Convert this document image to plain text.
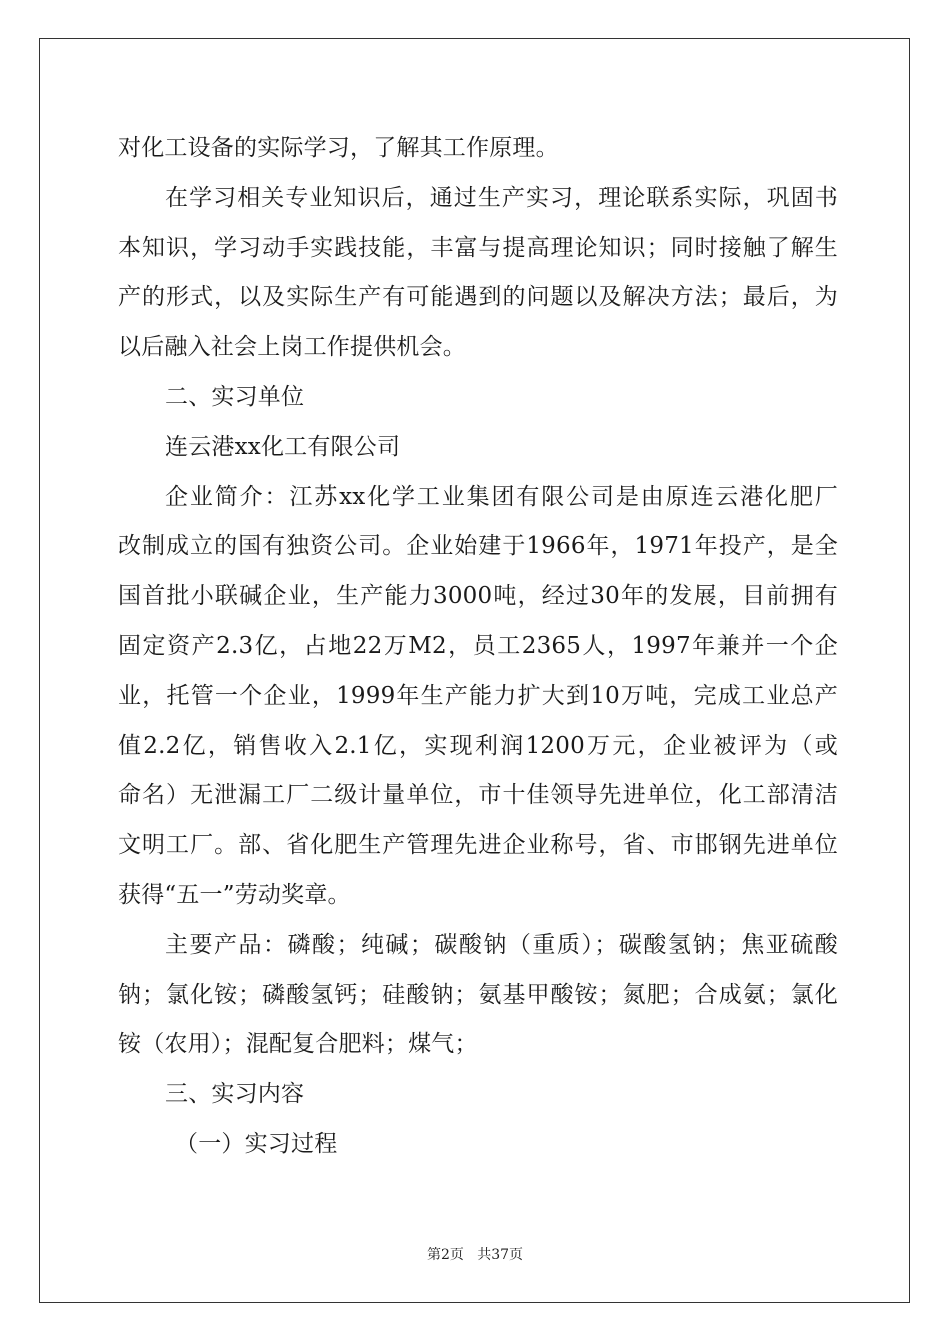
对化工设备的实际学习，了解其工作原理。
在学习相关专业知识后，通过生产实习，理论联系实际，巩固书
本知识，学习动手实践技能，丰富与提高理论知识；同时接触了解生
产的形式，以及实际生产有可能遇到的问题以及解决方法；最后，为
以后融入社会上岗工作提供机会。
二、实习单位
连云港xx化工有限公司
企业简介：江苏xx化学工业集团有限公司是由原连云港化肥厂
改制成立的国有独资公司。企业始建于1966年，1971年投产，是全
国首批小联碱企业，生产能力3000吨，经过30年的发展，目前拥有
固定资产2.3亿，占地22万M2，员工2365人，1997年兼并一个企
业，托管一个企业，1999年生产能力扩大到10万吨，完成工业总产
值2.2亿，销售收入2.1亿，实现利润1200万元，企业被评为（或
命名）无泄漏工厂二级计量单位，市十佳领导先进单位，化工部清洁
文明工厂。部、省化肥生产管理先进企业称号，省、市邯钢先进单位
获得“五一”劳动奖章。
主要产品：磷酸；纯碱；碳酸钠（重质）；碳酸氢钠；焦亚硫酸
钠；氯化铵；磷酸氢钙；硅酸钠；氨基甲酸铵；氮肥；合成氨；氯化
铵（农用）；混配复合肥料；煤气；
三、实习内容
（一）实习过程
第2页   共37页
